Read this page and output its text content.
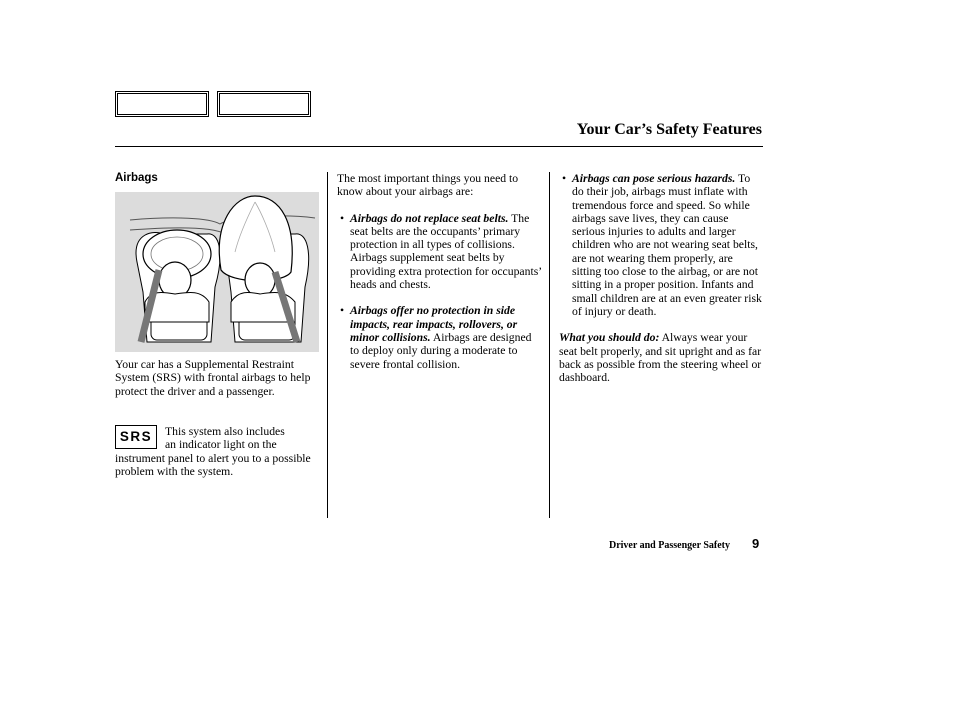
Your Car’s Safety Features

Airbags

Your car has a Supplemental Restraint System (SRS) with frontal airbags to help protect the driver and a passenger.

SRS	This system also includes

an indicator light on the

instrument panel to alert you to a possible problem with the system.

The most important things you need to know about your airbags are:

• Airbags do not replace seat belts. The seat belts are the occupants’ primary protection in all types of collisions. Airbags supplement seat belts by providing extra protection for occupants’ heads and chests.

• Airbags offer no protection in side impacts, rear impacts, rollovers, or minor collisions. Airbags are designed to deploy only during a moderate to severe frontal collision.

• Airbags can pose serious hazards. To do their job, airbags must inflate with tremendous force and speed. So while airbags save lives, they can cause serious injuries to adults and larger children who are not wearing seat belts, are not wearing them properly, are sitting too close to the airbag, or are not sitting in a proper position. Infants and small children are at an even greater risk of injury or death.

What you should do: Always wear your seat belt properly, and sit upright and as far back as possible from the steering wheel or dashboard.

Driver and Passenger Safety 9
